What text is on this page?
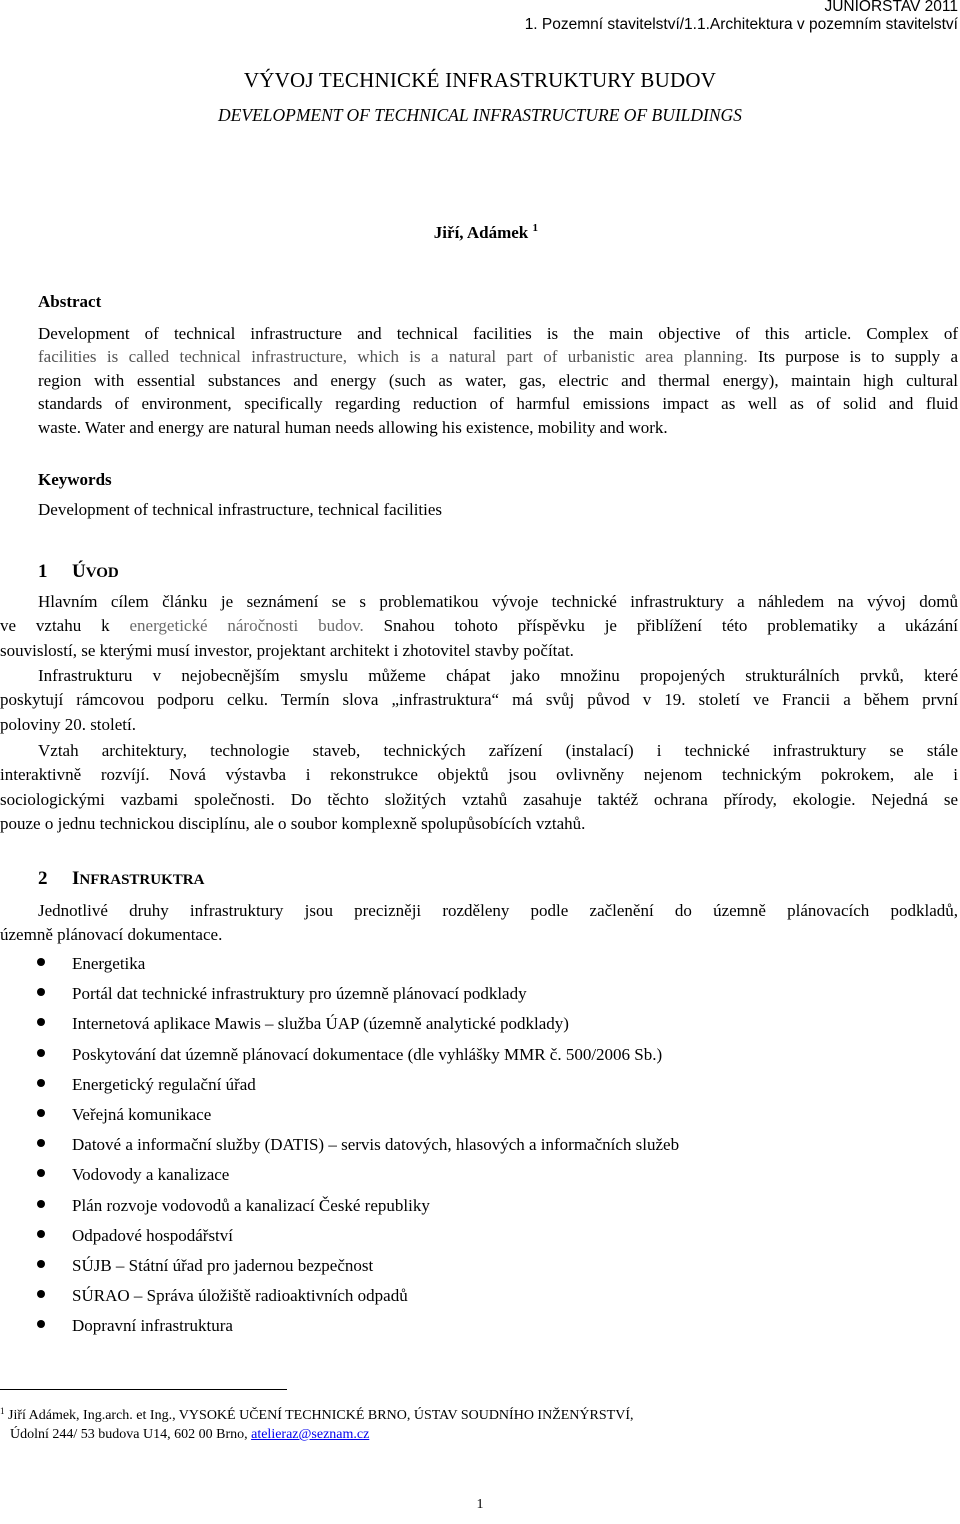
JUNIORSTAV 2011
1. Pozemní stavitelství/1.1.Architektura v pozemním stavitelství
VÝVOJ TECHNICKÉ INFRASTRUKTURY BUDOV
DEVELOPMENT OF TECHNICAL INFRASTRUCTURE OF BUILDINGS
Jiří, Adámek $^1$
Abstract
Development of technical infrastructure and technical facilities is the main objective of this article. Complex of
facilities is called technical infrastructure, which is a natural part of urbanistic area planning. Its purpose is to supply a
region with essential substances and energy (such as water, gas, electric and thermal energy), maintain high cultural
standards of environment, specifically regarding reduction of harmful emissions impact as well as of solid and fluid
waste. Water and energy are natural human needs allowing his existence, mobility and work.
Keywords
Development of technical infrastructure, technical facilities
1 ÚVOD
Hlavním cílem článku je seznámení se s problematikou vývoje technické infrastruktury a náhledem na vývoj domů
ve vztahu k energetické náročnosti budov. Snahou tohoto příspěvku je přiblížení této problematiky a ukázání
souvislostí, se kterými musí investor, projektant architekt i zhotovitel stavby počítat.
Infrastrukturu v nejobecnějším smyslu můžeme chápat jako množinu propojených strukturálních prvků, které
poskytují rámcovou podporu celku. Termín slova „infrastruktura“ má svůj původ v 19. století ve Francii a během první
polovinу 20. století.
Vztah architektury, technologie staveb, technických zařízení (instalací) i technické infrastruktury se stále
interaktivně rozvíjí. Nová výstavba i rekonstrukce objektů jsou ovlivněny nejenom technickým pokrokem, ale i
sociologickými vazbami společnosti. Do těchto složitých vztahů zasahuje taktéž ochrana přírody, ekologie. Nejedná se
pouze o jednu technickou disciplínu, ale o soubor komplexně spolupůsobících vztahů.
2 INFRASTRUKTRA
Jednotlivé druhy infrastruktury jsou precizněji rozděleny podle začlenění do územně plánovacích podkladů,
územně plánovací dokumentace.
Energetika
Portál dat technické infrastruktury pro územně plánovací podklady
Internetová aplikace Mawis – služba ÚAP (územně analytické podklady)
Poskytování dat územně plánovací dokumentace (dle vyhlášky MMR č. 500/2006 Sb.)
Energetický regulační úřad
Veřejná komunikace
Datové a informační služby (DATIS) – servis datových, hlasových a informačních služeb
Vodovody a kanalizace
Plán rozvoje vodovodů a kanalizací České republiky
Odpadové hospodářství
SÚJB – Státní úřad pro jadernou bezpečnost
SÚRAO – Správa úložiště radioaktivních odpadů
Dopravní infrastruktura
$^1$ Jiří Adámek, Ing.arch. et Ing., VYSOKÉ UČENÍ TECHNICKÉ BRNO, ÚSTAV SOUDNÍHO INŽENÝRSTVÍ,
Údolní 244/ 53 budova U14, 602 00 Brno, atelieraz@seznam.cz
1
